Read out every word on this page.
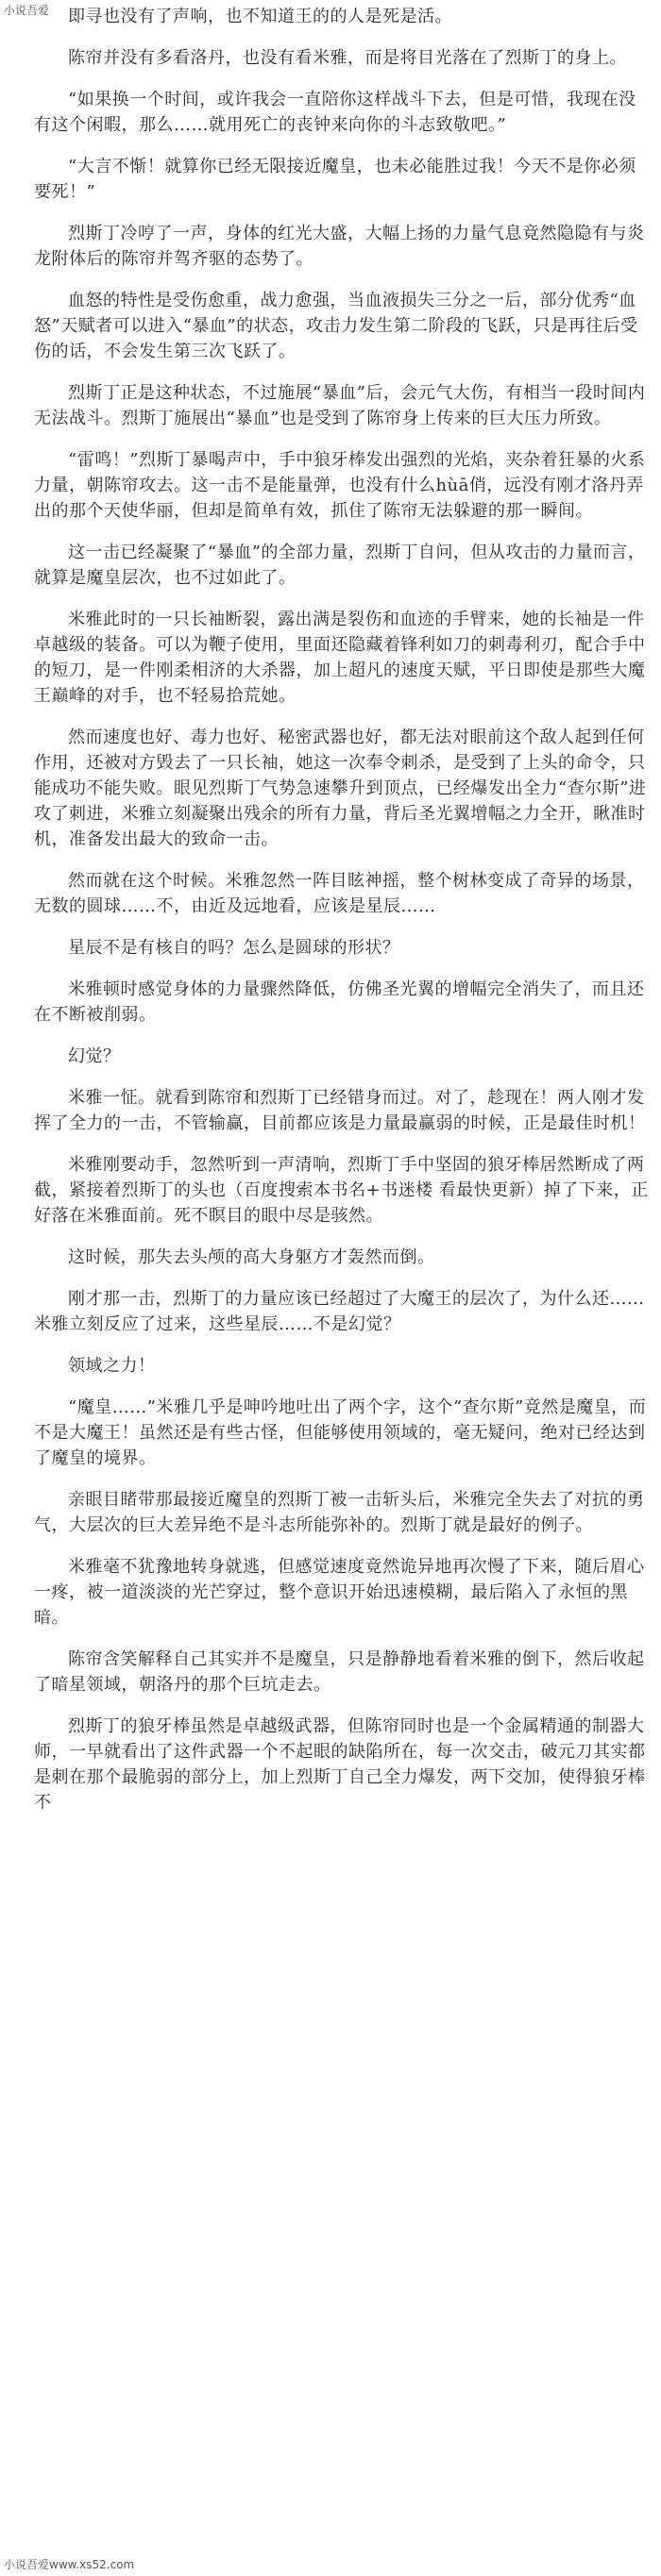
小说吾爱	即寻也没有了声响，也不知道王的的人是死是活。

陈帘并没有多看洛丹，也没有看米雅，而是将目光落在了烈斯丁的身上。

“如果换一个时间，或许我会一直陪你这样战斗下去，但是可惜，我现在没有这个闲暇，那么……就用死亡的丧钟来向你的斗志致敬吧。”

“大言不惭！就算你已经无限接近魔皇，也未必能胜过我！今天不是你必须要死！”

烈斯丁冷哼了一声，身体的红光大盛，大幅上扬的力量气息竟然隐隐有与炎龙附体后的陈帘并驾齐驱的态势了。

血怒的特性是受伤愈重，战力愈强，当血液损失三分之一后，部分优秀“血怒”天赋者可以进入“暴血”的状态，攻击力发生第二阶段的飞跃，只是再往后受伤的话，不会发生第三次飞跃了。

烈斯丁正是这种状态，不过施展“暴血”后，会元气大伤，有相当一段时间内无法战斗。烈斯丁施展出“暴血”也是受到了陈帘身上传来的巨大压力所致。

“雷鸣！”烈斯丁暴喝声中，手中狼牙棒发出强烈的光焰，夹杂着狂暴的火系力量，朝陈帘攻去。这一击不是能量弹，也没有什么hùā俏，远没有刚才洛丹弄出的那个天使华丽，但却是简单有效，抓住了陈帘无法躲避的那一瞬间。

这一击已经凝聚了“暴血”的全部力量，烈斯丁自问，但从攻击的力量而言，就算是魔皇层次，也不过如此了。

米雅此时的一只长袖断裂，露出满是裂伤和血迹的手臂来，她的长袖是一件卓越级的装备。可以为鞭子使用，里面还隐藏着锋利如刀的刺毒利刃，配合手中的短刀，是一件刚柔相济的大杀器，加上超凡的速度天赋，平日即使是那些大魔王巅峰的对手，也不轻易拾荒她。

然而速度也好、毒力也好、秘密武器也好，都无法对眼前这个敌人起到任何作用，还被对方毁去了一只长袖，她这一次奉令刺杀，是受到了上头的命令，只能成功不能失败。眼见烈斯丁气势急速攀升到顶点，已经爆发出全力“查尔斯”进攻了刺进，米雅立刻凝聚出残余的所有力量，背后圣光翼增幅之力全开，瞅准时机，准备发出最大的致命一击。

然而就在这个时候。米雅忽然一阵目眩神摇，整个树林变成了奇异的场景，无数的圆球……不，由近及远地看，应该是星辰……

星辰不是有核自的吗？怎么是圆球的形状？

米雅顿时感觉身体的力量骤然降低，仿佛圣光翼的增幅完全消失了，而且还在不断被削弱。

幻觉？

米雅一怔。就看到陈帘和烈斯丁已经错身而过。对了，趁现在！两人刚才发挥了全力的一击，不管输赢，目前都应该是力量最赢弱的时候，正是最佳时机！

米雅刚要动手，忽然听到一声清响，烈斯丁手中坚固的狼牙棒居然断成了两截，紧接着烈斯丁的头也（百度搜索本书名+书迷楼 看最快更新）掉了下来，正好落在米雅面前。死不瞑目的眼中尽是骇然。

这时候，那失去头颅的高大身躯方才轰然而倒。

刚才那一击，烈斯丁的力量应该已经超过了大魔王的层次了，为什么还……米雅立刻反应了过来，这些星辰……不是幻觉？

领域之力！

“魔皇……”米雅几乎是呻吟地吐出了两个字，这个“查尔斯”竟然是魔皇，而不是大魔王！虽然还是有些古怪，但能够使用领域的，毫无疑问，绝对已经达到了魔皇的境界。

亲眼目睹带那最接近魔皇的烈斯丁被一击斩头后，米雅完全失去了对抗的勇气，大层次的巨大差异绝不是斗志所能弥补的。烈斯丁就是最好的例子。

米雅毫不犹豫地转身就逃，但感觉速度竟然诡异地再次慢了下来，随后眉心一疼，被一道淡淡的光芒穿过，整个意识开始迅速模糊，最后陷入了永恒的黑暗。

陈帘含笑解释自己其实并不是魔皇，只是静静地看着米雅的倒下，然后收起了暗星领域，朝洛丹的那个巨坑走去。

烈斯丁的狼牙棒虽然是卓越级武器，但陈帘同时也是一个金属精通的制器大师，一早就看出了这件武器一个不起眼的缺陷所在，每一次交击，破元刀其实都是刺在那个最脆弱的部分上，加上烈斯丁自己全力爆发，两下交加，使得狼牙棒不

小说吾爱www.xs52.com
